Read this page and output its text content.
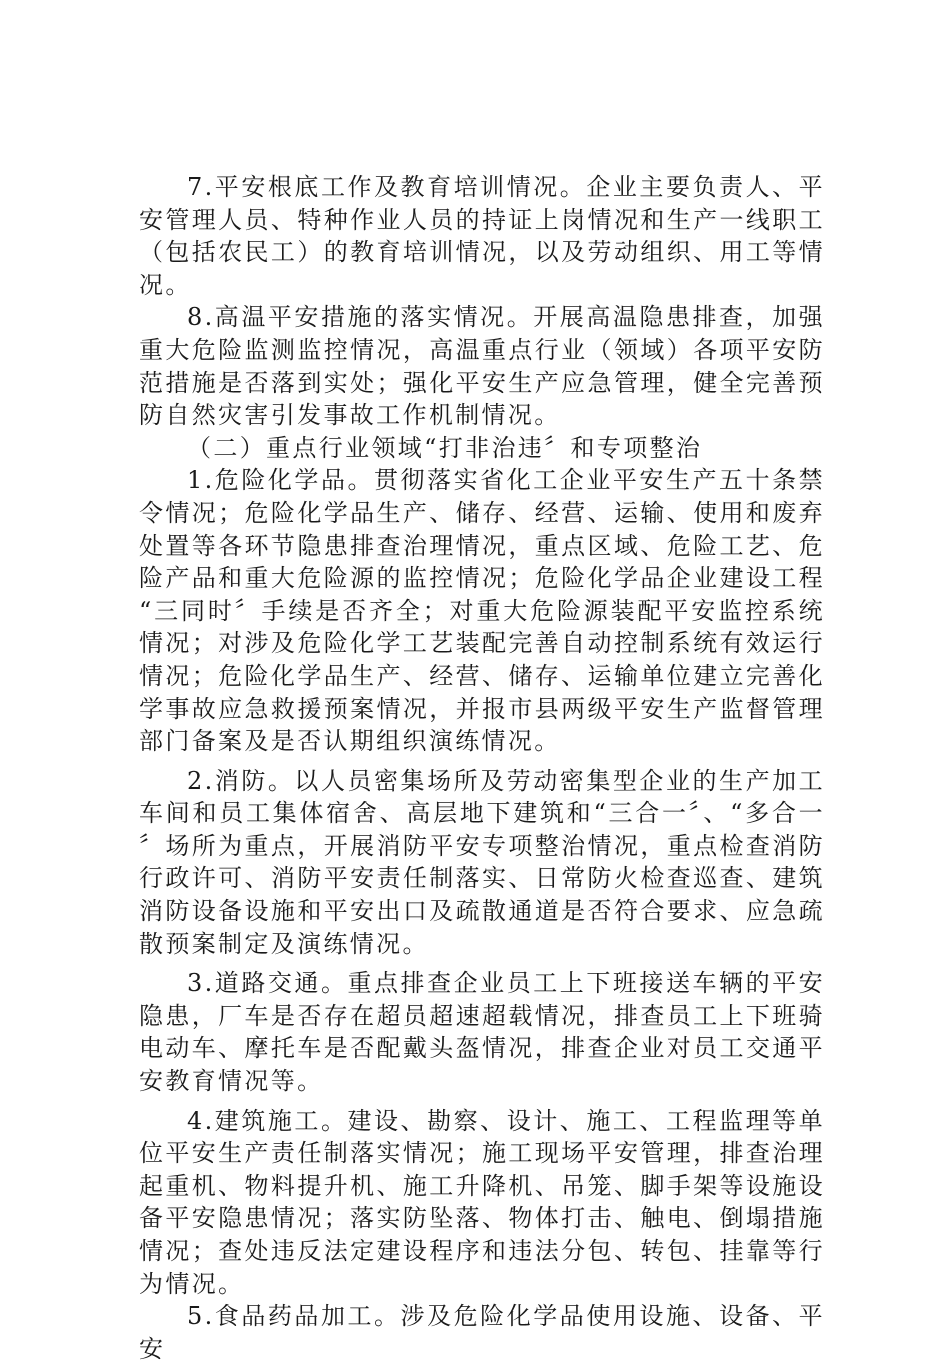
7.平安根底工作及教育培训情况。企业主要负责人、平安管理人员、特种作业人员的持证上岗情况和生产一线职工（包括农民工）的教育培训情况，以及劳动组织、用工等情况。

8.高温平安措施的落实情况。开展高温隐患排查，加强重大危险监测监控情况，高温重点行业（领域）各项平安防范措施是否落到实处；强化平安生产应急管理，健全完善预防自然灾害引发事故工作机制情况。

（二）重点行业领域“打非治违〞和专项整治

1.危险化学品。贯彻落实省化工企业平安生产五十条禁令情况；危险化学品生产、储存、经营、运输、使用和废弃处置等各环节隐患排查治理情况，重点区域、危险工艺、危险产品和重大危险源的监控情况；危险化学品企业建设工程“三同时〞手续是否齐全；对重大危险源装配平安监控系统情况；对涉及危险化学工艺装配完善自动控制系统有效运行情况；危险化学品生产、经营、储存、运输单位建立完善化学事故应急救援预案情况，并报市县两级平安生产监督管理部门备案及是否认期组织演练情况。

2.消防。以人员密集场所及劳动密集型企业的生产加工车间和员工集体宿舍、高层地下建筑和“三合一〞、“多合一〞场所为重点，开展消防平安专项整治情况，重点检查消防行政许可、消防平安责任制落实、日常防火检查巡查、建筑消防设备设施和平安出口及疏散通道是否符合要求、应急疏散预案制定及演练情况。

3.道路交通。重点排查企业员工上下班接送车辆的平安隐患，厂车是否存在超员超速超载情况，排查员工上下班骑电动车、摩托车是否配戴头盔情况，排查企业对员工交通平安教育情况等。

4.建筑施工。建设、勘察、设计、施工、工程监理等单位平安生产责任制落实情况；施工现场平安管理，排查治理起重机、物料提升机、施工升降机、吊笼、脚手架等设施设备平安隐患情况；落实防坠落、物体打击、触电、倒塌措施情况；查处违反法定建设程序和违法分包、转包、挂靠等行为情况。

5.食品药品加工。涉及危险化学品使用设施、设备、平安
